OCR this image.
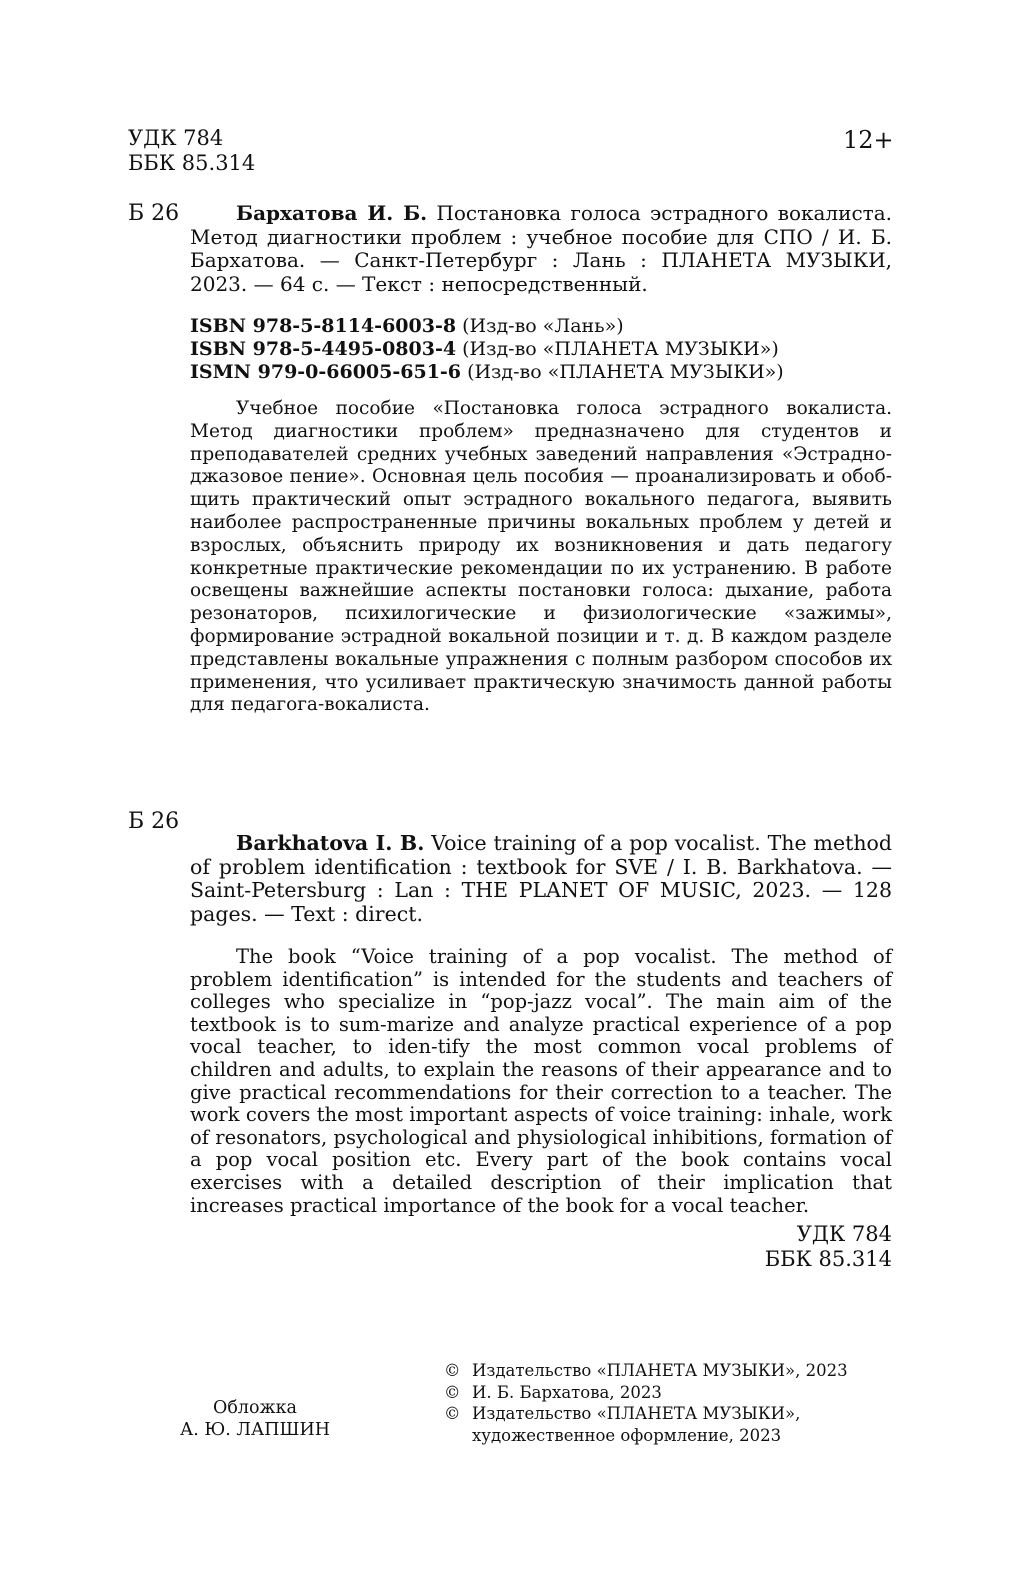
УДК 784
ББК 85.314
12+
Б 26	Бархатова И. Б. Постановка голоса эстрадного вокалиста. Метод диагностики проблем : учебное пособие для СПО / И. Б. Бархатова. — Санкт-Петербург : Лань : ПЛАНЕТА МУЗЫКИ, 2023. — 64 с. — Текст : непосредственный.

ISBN 978-5-8114-6003-8 (Изд-во «Лань»)
ISBN 978-5-4495-0803-4 (Изд-во «ПЛАНЕТА МУЗЫКИ»)
ISMN 979-0-66005-651-6 (Изд-во «ПЛАНЕТА МУЗЫКИ»)

Учебное пособие «Постановка голоса эстрадного вокалиста. Метод диагностики проблем» предназначено для студентов и преподавателей средних учебных заведений направления «Эстрадно-джазовое пение». Основная цель пособия — проанализировать и обоб-щить практический опыт эстрадного вокального педагога, выявить наиболее распространенные причины вокальных проблем у детей и взрослых, объяснить природу их возникновения и дать педагогу конкретные практические рекомендации по их устранению. В работе освещены важнейшие аспекты постановки голоса: дыхание, работа резонаторов, психилогические и физиологические «зажимы», формирование эстрадной вокальной позиции и т. д. В каждом разделе представлены вокальные упражнения с полным разбором способов их применения, что усиливает практическую значимость данной работы для педагога-вокалиста.

Б 26

Barkhatova I. B. Voice training of a pop vocalist. The method of problem identification : textbook for SVE / I. B. Barkhatova. — Saint-Petersburg : Lan : THE PLANET OF MUSIC, 2023. — 128 pages. — Text : direct.

The book “Voice training of a pop vocalist. The method of problem identification” is intended for the students and teachers of colleges who specialize in “pop-jazz vocal”. The main aim of the textbook is to sum-marize and analyze practical experience of a pop vocal teacher, to iden-tify the most common vocal problems of children and adults, to explain the reasons of their appearance and to give practical recommendations for their correction to a teacher. The work covers the most important aspects of voice training: inhale, work of resonators, psychological and physiological inhibitions, formation of a pop vocal position etc. Every part of the book contains vocal exercises with a detailed description of their implication that increases practical importance of the book for a vocal teacher.

УДК 784
ББК 85.314
Обложка
А. Ю. ЛАПШИН
© Издательство «ПЛАНЕТА МУЗЫКИ», 2023
© И. Б. Бархатова, 2023
© Издательство «ПЛАНЕТА МУЗЫКИ»,
художественное оформление, 2023
